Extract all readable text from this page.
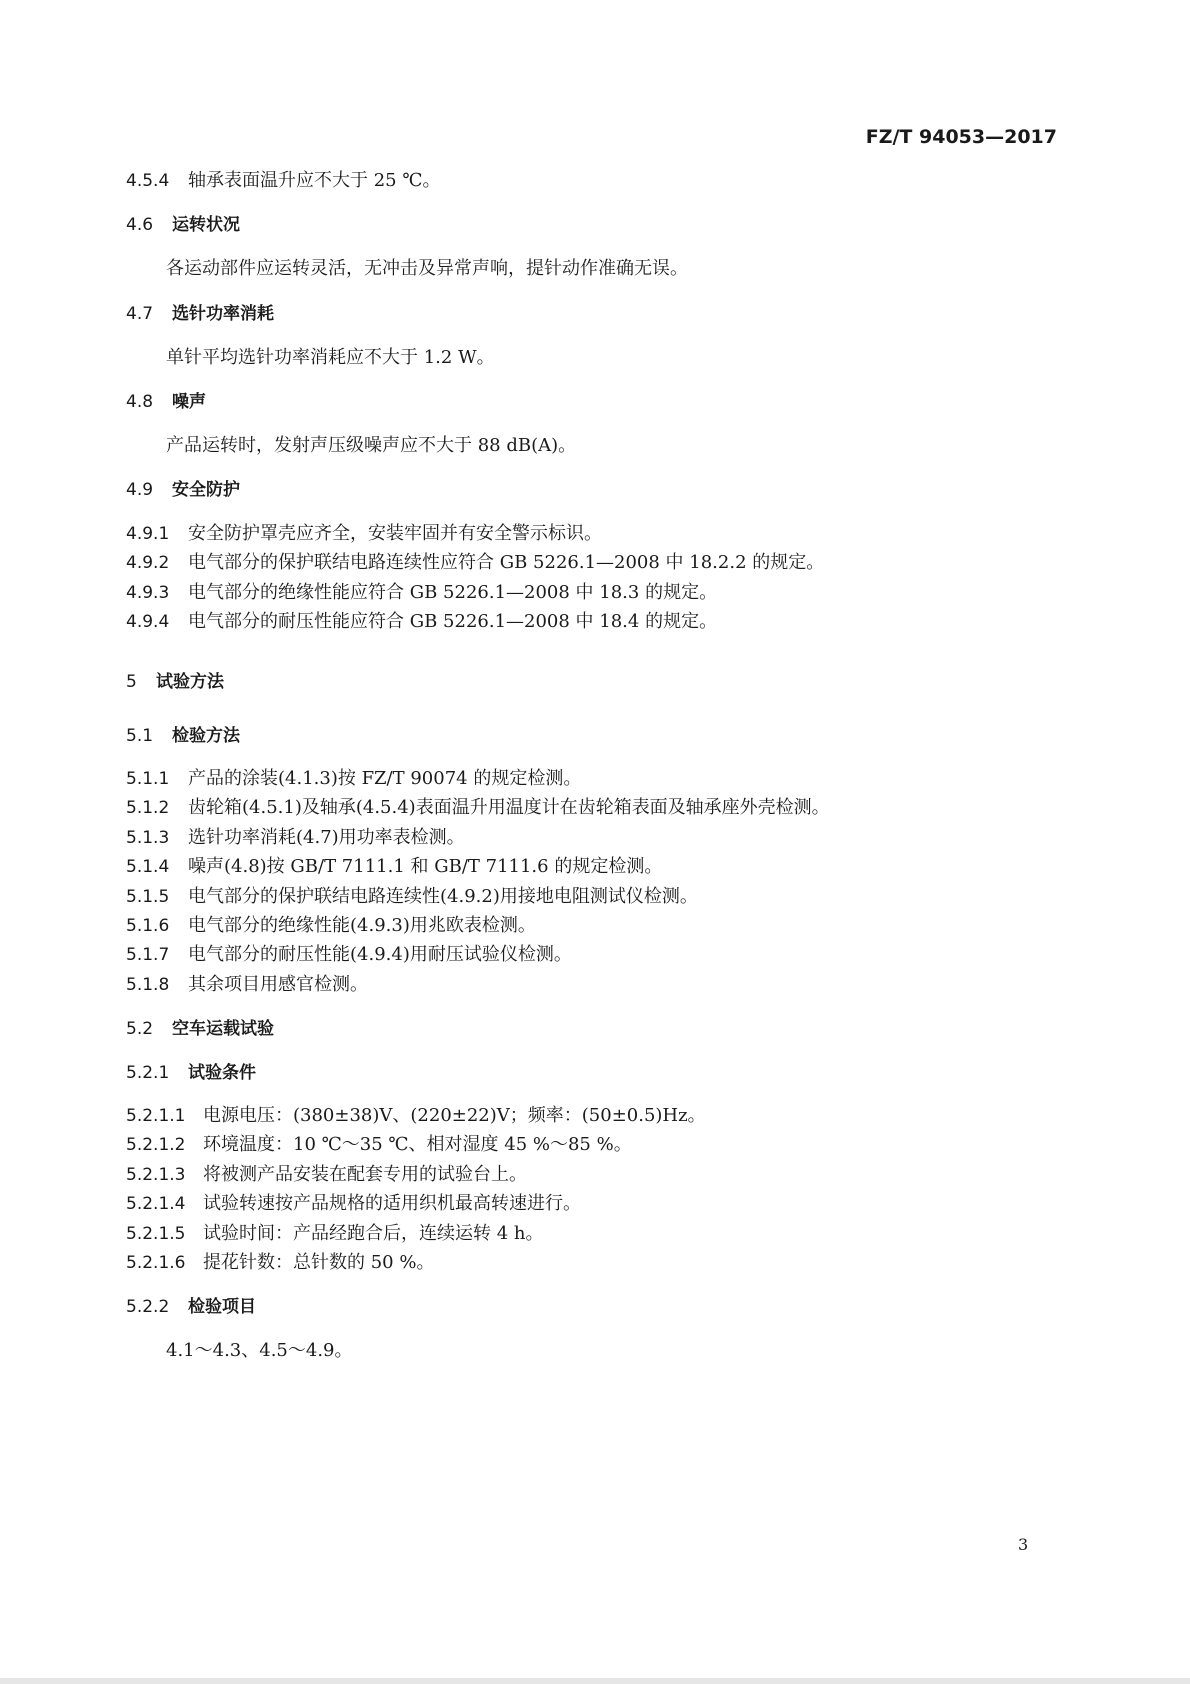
FZ/T 94053—2017
4.5.4 轴承表面温升应不大于 25 ℃。
4.6 运转状况
各运动部件应运转灵活，无冲击及异常声响，提针动作准确无误。
4.7 选针功率消耗
单针平均选针功率消耗应不大于 1.2 W。
4.8 噪声
产品运转时，发射声压级噪声应不大于 88 dB(A)。
4.9 安全防护
4.9.1 安全防护罩壳应齐全，安装牢固并有安全警示标识。
4.9.2 电气部分的保护联结电路连续性应符合 GB 5226.1—2008 中 18.2.2 的规定。
4.9.3 电气部分的绝缘性能应符合 GB 5226.1—2008 中 18.3 的规定。
4.9.4 电气部分的耐压性能应符合 GB 5226.1—2008 中 18.4 的规定。
5 试验方法
5.1 检验方法
5.1.1 产品的涂装(4.1.3)按 FZ/T 90074 的规定检测。
5.1.2 齿轮箱(4.5.1)及轴承(4.5.4)表面温升用温度计在齿轮箱表面及轴承座外壳检测。
5.1.3 选针功率消耗(4.7)用功率表检测。
5.1.4 噪声(4.8)按 GB/T 7111.1 和 GB/T 7111.6 的规定检测。
5.1.5 电气部分的保护联结电路连续性(4.9.2)用接地电阻测试仪检测。
5.1.6 电气部分的绝缘性能(4.9.3)用兆欧表检测。
5.1.7 电气部分的耐压性能(4.9.4)用耐压试验仪检测。
5.1.8 其余项目用感官检测。
5.2 空车运载试验
5.2.1 试验条件
5.2.1.1 电源电压：(380±38)V、(220±22)V；频率：(50±0.5)Hz。
5.2.1.2 环境温度：10 ℃～35 ℃、相对湿度 45 %～85 %。
5.2.1.3 将被测产品安装在配套专用的试验台上。
5.2.1.4 试验转速按产品规格的适用织机最高转速进行。
5.2.1.5 试验时间：产品经跑合后，连续运转 4 h。
5.2.1.6 提花针数：总针数的 50 %。
5.2.2 检验项目
4.1～4.3、4.5～4.9。
3
